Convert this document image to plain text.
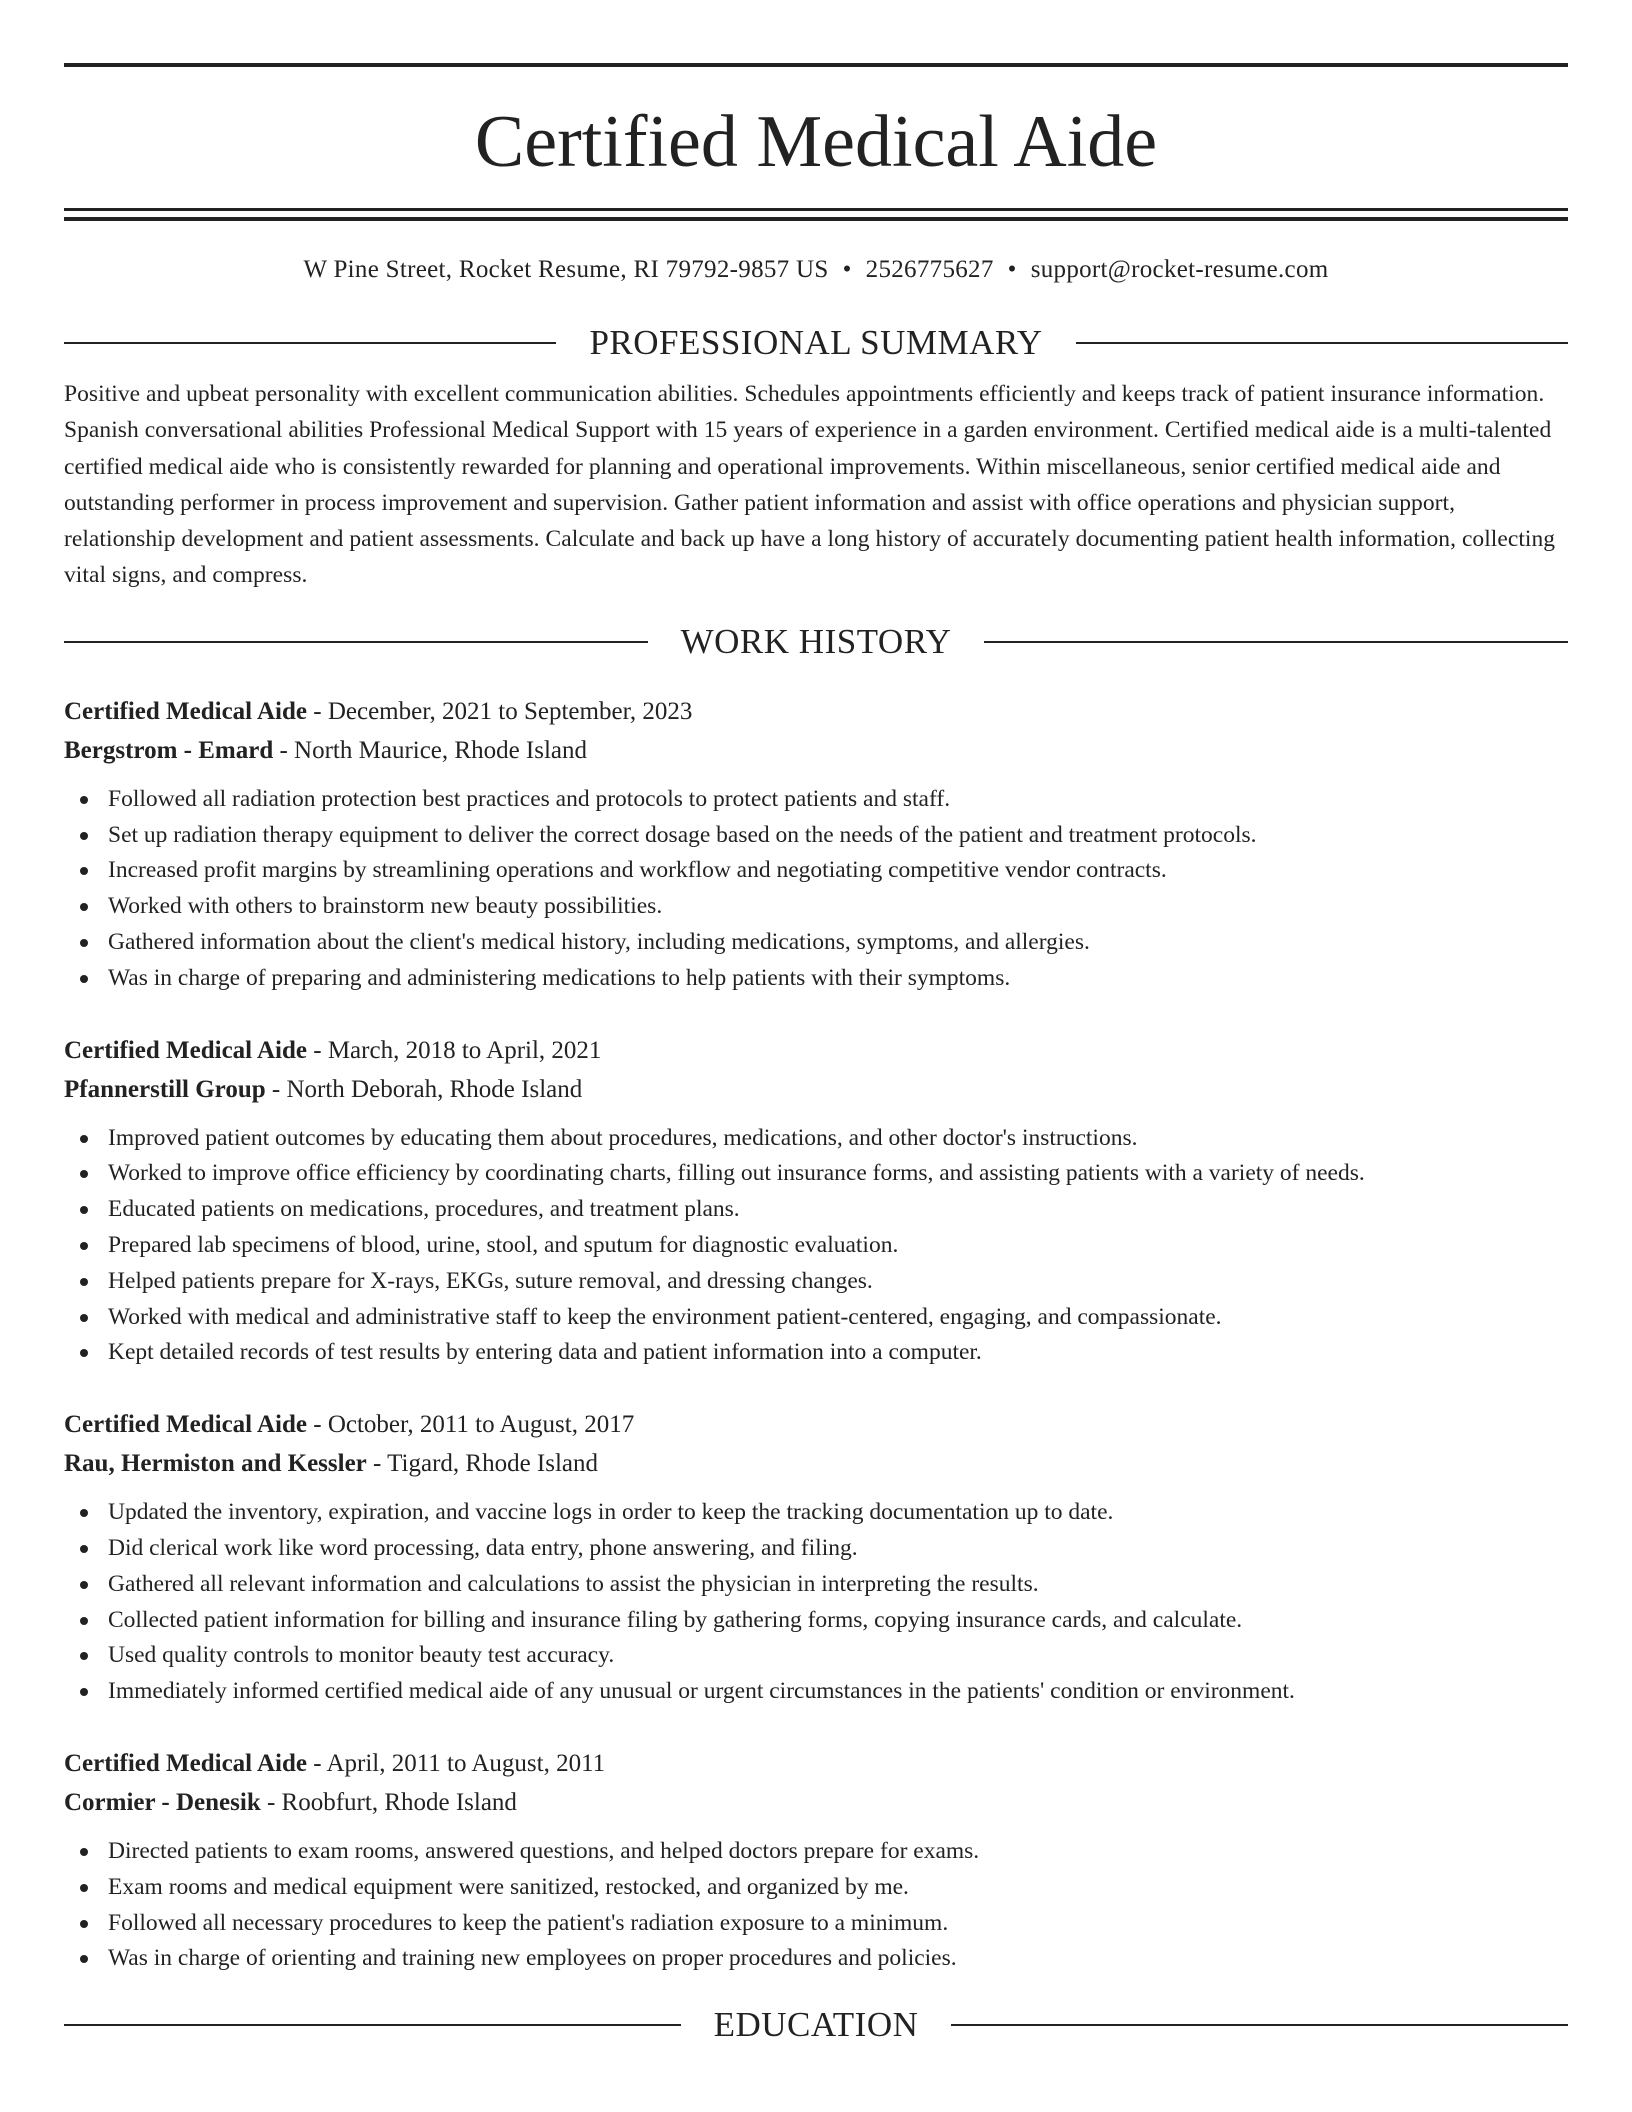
Certified Medical Aide
W Pine Street, Rocket Resume, RI 79792-9857 US • 2526775627 • support@rocket-resume.com
PROFESSIONAL SUMMARY
Positive and upbeat personality with excellent communication abilities. Schedules appointments efficiently and keeps track of patient insurance information. Spanish conversational abilities Professional Medical Support with 15 years of experience in a garden environment. Certified medical aide is a multi-talented certified medical aide who is consistently rewarded for planning and operational improvements. Within miscellaneous, senior certified medical aide and outstanding performer in process improvement and supervision. Gather patient information and assist with office operations and physician support, relationship development and patient assessments. Calculate and back up have a long history of accurately documenting patient health information, collecting vital signs, and compress.
WORK HISTORY
Certified Medical Aide - December, 2021 to September, 2023
Bergstrom - Emard - North Maurice, Rhode Island
Followed all radiation protection best practices and protocols to protect patients and staff.
Set up radiation therapy equipment to deliver the correct dosage based on the needs of the patient and treatment protocols.
Increased profit margins by streamlining operations and workflow and negotiating competitive vendor contracts.
Worked with others to brainstorm new beauty possibilities.
Gathered information about the client's medical history, including medications, symptoms, and allergies.
Was in charge of preparing and administering medications to help patients with their symptoms.
Certified Medical Aide - March, 2018 to April, 2021
Pfannerstill Group - North Deborah, Rhode Island
Improved patient outcomes by educating them about procedures, medications, and other doctor's instructions.
Worked to improve office efficiency by coordinating charts, filling out insurance forms, and assisting patients with a variety of needs.
Educated patients on medications, procedures, and treatment plans.
Prepared lab specimens of blood, urine, stool, and sputum for diagnostic evaluation.
Helped patients prepare for X-rays, EKGs, suture removal, and dressing changes.
Worked with medical and administrative staff to keep the environment patient-centered, engaging, and compassionate.
Kept detailed records of test results by entering data and patient information into a computer.
Certified Medical Aide - October, 2011 to August, 2017
Rau, Hermiston and Kessler - Tigard, Rhode Island
Updated the inventory, expiration, and vaccine logs in order to keep the tracking documentation up to date.
Did clerical work like word processing, data entry, phone answering, and filing.
Gathered all relevant information and calculations to assist the physician in interpreting the results.
Collected patient information for billing and insurance filing by gathering forms, copying insurance cards, and calculate.
Used quality controls to monitor beauty test accuracy.
Immediately informed certified medical aide of any unusual or urgent circumstances in the patients' condition or environment.
Certified Medical Aide - April, 2011 to August, 2011
Cormier - Denesik - Roobfurt, Rhode Island
Directed patients to exam rooms, answered questions, and helped doctors prepare for exams.
Exam rooms and medical equipment were sanitized, restocked, and organized by me.
Followed all necessary procedures to keep the patient's radiation exposure to a minimum.
Was in charge of orienting and training new employees on proper procedures and policies.
EDUCATION
